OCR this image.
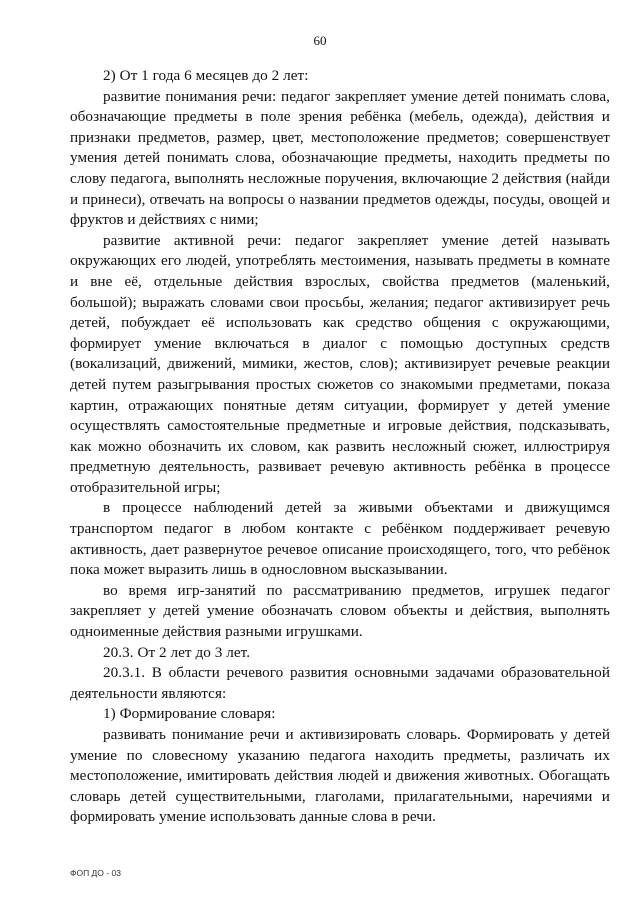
60

2) От 1 года 6 месяцев до 2 лет:

развитие понимания речи: педагог закрепляет умение детей понимать слова, обозначающие предметы в поле зрения ребёнка (мебель, одежда), действия и признаки предметов, размер, цвет, местоположение предметов; совершенствует умения детей понимать слова, обозначающие предметы, находить предметы по слову педагога, выполнять несложные поручения, включающие 2 действия (найди и принеси), отвечать на вопросы о названии предметов одежды, посуды, овощей и фруктов и действиях с ними;

развитие активной речи: педагог закрепляет умение детей называть окружающих его людей, употреблять местоимения, называть предметы в комнате и вне её, отдельные действия взрослых, свойства предметов (маленький, большой); выражать словами свои просьбы, желания; педагог активизирует речь детей, побуждает её использовать как средство общения с окружающими, формирует умение включаться в диалог с помощью доступных средств (вокализаций, движений, мимики, жестов, слов); активизирует речевые реакции детей путем разыгрывания простых сюжетов со знакомыми предметами, показа картин, отражающих понятные детям ситуации, формирует у детей умение осуществлять самостоятельные предметные и игровые действия, подсказывать, как можно обозначить их словом, как развить несложный сюжет, иллюстрируя предметную деятельность, развивает речевую активность ребёнка в процессе отобразительной игры;

в процессе наблюдений детей за живыми объектами и движущимся транспортом педагог в любом контакте с ребёнком поддерживает речевую активность, дает развернутое речевое описание происходящего, того, что ребёнок пока может выразить лишь в однословном высказывании.

во время игр-занятий по рассматриванию предметов, игрушек педагог закрепляет у детей умение обозначать словом объекты и действия, выполнять одноименные действия разными игрушками.

20.3. От 2 лет до 3 лет.

20.3.1. В области речевого развития основными задачами образовательной деятельности являются:

1) Формирование словаря:

развивать понимание речи и активизировать словарь. Формировать у детей умение по словесному указанию педагога находить предметы, различать их местоположение, имитировать действия людей и движения животных. Обогащать словарь детей существительными, глаголами, прилагательными, наречиями и формировать умение использовать данные слова в речи.

ФОП ДО - 03
